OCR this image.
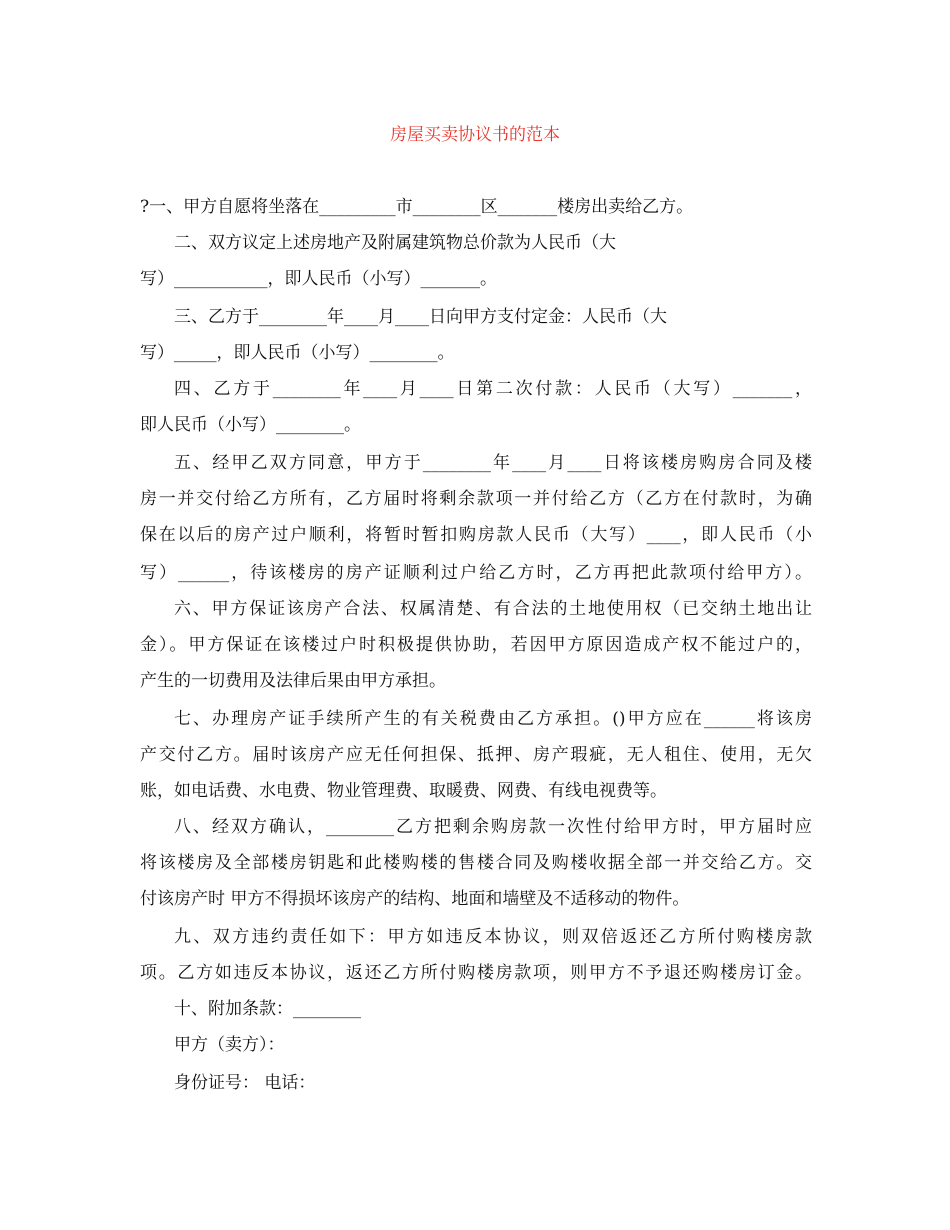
房屋买卖协议书的范本
?一、甲方自愿将坐落在_________市________区_______楼房出卖给乙方。
二、双方议定上述房地产及附属建筑物总价款为人民币（大
写）___________，即人民币（小写）_______。
三、乙方于________年____月____日向甲方支付定金：人民币（大
写）_____，即人民币（小写）________。
四、乙方于________年____月____日第二次付款：人民币（大写）_______，
即人民币（小写）________。
五、经甲乙双方同意，甲方于________年____月____日将该楼房购房合同及楼
房一并交付给乙方所有，乙方届时将剩余款项一并付给乙方（乙方在付款时，为确
保在以后的房产过户顺利，将暂时暂扣购房款人民币（大写）____，即人民币（小
写）______，待该楼房的房产证顺利过户给乙方时，乙方再把此款项付给甲方）。
六、甲方保证该房产合法、权属清楚、有合法的土地使用权（已交纳土地出让
金）。甲方保证在该楼过户时积极提供协助，若因甲方原因造成产权不能过户的，
产生的一切费用及法律后果由甲方承担。
七、办理房产证手续所产生的有关税费由乙方承担。()甲方应在______将该房
产交付乙方。届时该房产应无任何担保、抵押、房产瑕疵，无人租住、使用，无欠
账，如电话费、水电费、物业管理费、取暖费、网费、有线电视费等。
八、经双方确认，________乙方把剩余购房款一次性付给甲方时，甲方届时应
将该楼房及全部楼房钥匙和此楼购楼的售楼合同及购楼收据全部一并交给乙方。交
付该房产时 甲方不得损坏该房产的结构、地面和墙壁及不适移动的物件。
九、双方违约责任如下：甲方如违反本协议，则双倍返还乙方所付购楼房款
项。乙方如违反本协议，返还乙方所付购楼房款项，则甲方不予退还购楼房订金。
十、附加条款：________
甲方（卖方）：
身份证号： 电话：
